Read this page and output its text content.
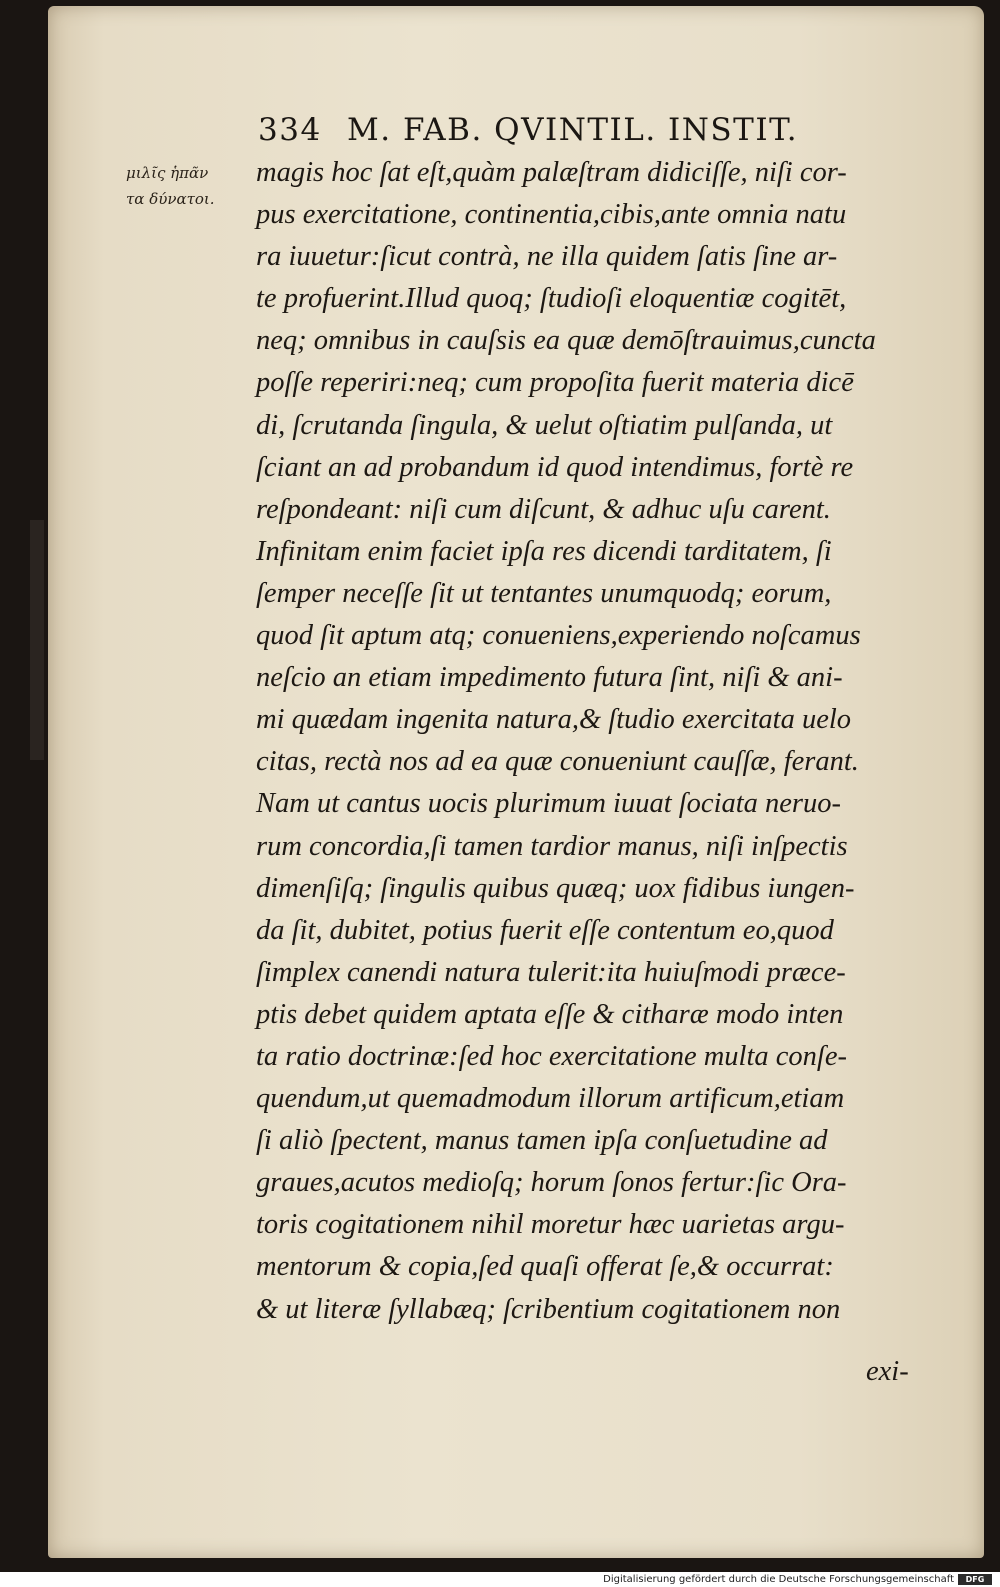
334 M. FAB. QVINTIL. INSTIT.
μιλῖς ἡπᾶν
τα δύνατοι.
magis hoc ſat eſt,quàm palæſtram didiciſſe, niſi cor-
pus exercitatione, continentia,cibis,ante omnia natu
ra iuuetur:ſicut contrà, ne illa quidem ſatis ſine ar-
te profuerint.Illud quoq; ſtudioſi eloquentiæ cogitēt,
neq; omnibus in cauſsis ea quæ demōſtrauimus,cuncta
poſſe reperiri:neq; cum propoſita fuerit materia dicē
di, ſcrutanda ſingula, & uelut oſtiatim pulſanda, ut
ſciant an ad probandum id quod intendimus, fortè re
reſpondeant: niſi cum diſcunt, & adhuc uſu carent.
Infinitam enim faciet ipſa res dicendi tarditatem, ſi
ſemper neceſſe ſit ut tentantes unumquodq; eorum,
quod ſit aptum atq; conueniens,experiendo noſcamus
neſcio an etiam impedimento futura ſint, niſi & ani-
mi quædam ingenita natura,& ſtudio exercitata uelo
citas, rectà nos ad ea quæ conueniunt cauſſæ, ferant.
Nam ut cantus uocis plurimum iuuat ſociata neruo-
rum concordia,ſi tamen tardior manus, niſi inſpectis
dimenſiſq; ſingulis quibus quæq; uox fidibus iungen-
da ſit, dubitet, potius fuerit eſſe contentum eo,quod
ſimplex canendi natura tulerit:ita huiuſmodi præce-
ptis debet quidem aptata eſſe & citharæ modo inten
ta ratio doctrinæ:ſed hoc exercitatione multa conſe-
quendum,ut quemadmodum illorum artificum,etiam
ſi aliò ſpectent, manus tamen ipſa conſuetudine ad
graues,acutos medioſq; horum ſonos fertur:ſic Ora-
toris cogitationem nihil moretur hæc uarietas argu-
mentorum & copia,ſed quaſi offerat ſe,& occurrat:
& ut literæ ſyllabæq; ſcribentium cogitationem non
exi-
Digitalisierung gefördert durch die Deutsche Forschungsgemeinschaft	DFG
